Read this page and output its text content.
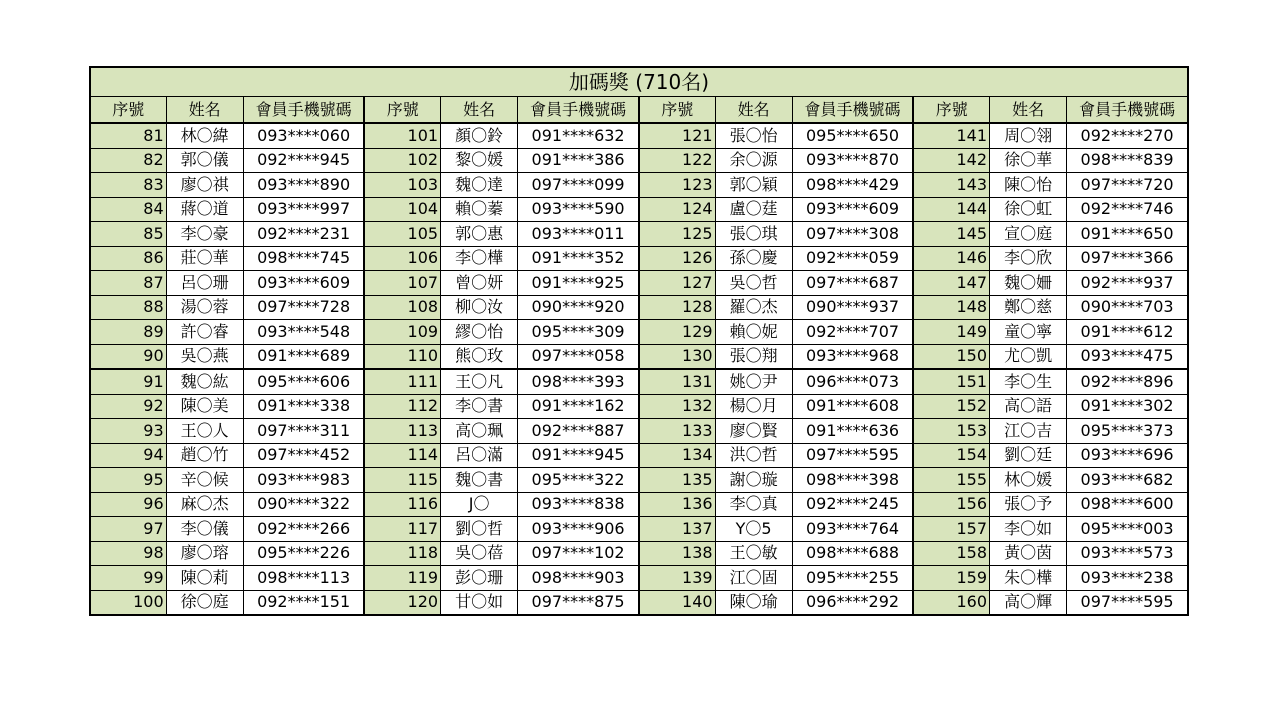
加碼獎 (710名)											
序號	姓名	會員手機號碼	序號	姓名	會員手機號碼	序號	姓名	會員手機號碼	序號	姓名	會員手機號碼
81	林〇緯	093****060	101	顏〇鈴	091****632	121	張〇怡	095****650	141	周〇翎	092****270
82	郭〇儀	092****945	102	黎〇媛	091****386	122	余〇源	093****870	142	徐〇華	098****839
83	廖〇祺	093****890	103	魏〇達	097****099	123	郭〇穎	098****429	143	陳〇怡	097****720
84	蔣〇道	093****997	104	賴〇蓁	093****590	124	盧〇莛	093****609	144	徐〇虹	092****746
85	李〇豪	092****231	105	郭〇惠	093****011	125	張〇琪	097****308	145	宣〇庭	091****650
86	莊〇華	098****745	106	李〇樺	091****352	126	孫〇慶	092****059	146	李〇欣	097****366
87	呂〇珊	093****609	107	曾〇妍	091****925	127	吳〇哲	097****687	147	魏〇姍	092****937
88	湯〇蓉	097****728	108	柳〇汝	090****920	128	羅〇杰	090****937	148	鄭〇慈	090****703
89	許〇睿	093****548	109	繆〇怡	095****309	129	賴〇妮	092****707	149	童〇寧	091****612
90	吳〇燕	091****689	110	熊〇玫	097****058	130	張〇翔	093****968	150	尤〇凱	093****475
91	魏〇紘	095****606	111	王〇凡	098****393	131	姚〇尹	096****073	151	李〇生	092****896
92	陳〇美	091****338	112	李〇書	091****162	132	楊〇月	091****608	152	高〇語	091****302
93	王〇人	097****311	113	高〇珮	092****887	133	廖〇賢	091****636	153	江〇吉	095****373
94	趙〇竹	097****452	114	呂〇滿	091****945	134	洪〇哲	097****595	154	劉〇廷	093****696
95	辛〇候	093****983	115	魏〇書	095****322	135	謝〇璇	098****398	155	林〇媛	093****682
96	麻〇杰	090****322	116	J〇	093****838	136	李〇真	092****245	156	張〇予	098****600
97	李〇儀	092****266	117	劉〇哲	093****906	137	Y〇5	093****764	157	李〇如	095****003
98	廖〇瑢	095****226	118	吳〇蓓	097****102	138	王〇敏	098****688	158	黃〇茵	093****573
99	陳〇莉	098****113	119	彭〇珊	098****903	139	江〇固	095****255	159	朱〇樺	093****238
100	徐〇庭	092****151	120	甘〇如	097****875	140	陳〇瑜	096****292	160	高〇輝	097****595
